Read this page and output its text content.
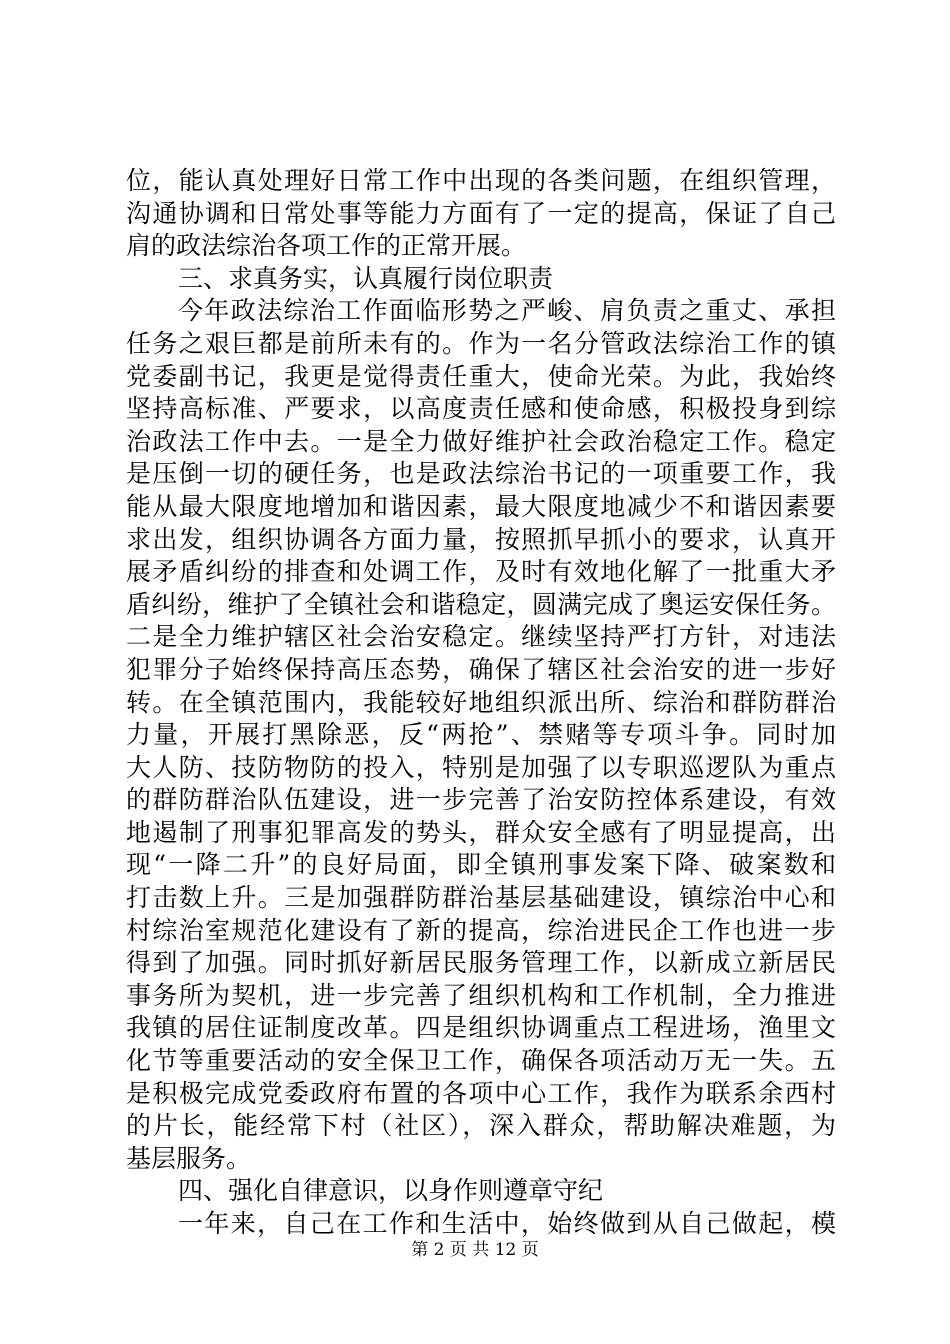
位，能认真处理好日常工作中出现的各类问题，在组织管理，
沟通协调和日常处事等能力方面有了一定的提高，保证了自己
肩的政法综治各项工作的正常开展。
三、求真务实，认真履行岗位职责
今年政法综治工作面临形势之严峻、肩负责之重丈、承担
任务之艰巨都是前所未有的。作为一名分管政法综治工作的镇
党委副书记，我更是觉得责任重大，使命光荣。为此，我始终
坚持高标准、严要求，以高度责任感和使命感，积极投身到综
治政法工作中去。一是全力做好维护社会政治稳定工作。稳定
是压倒一切的硬任务，也是政法综治书记的一项重要工作，我
能从最大限度地增加和谐因素，最大限度地减少不和谐因素要
求出发，组织协调各方面力量，按照抓早抓小的要求，认真开
展矛盾纠纷的排查和处调工作，及时有效地化解了一批重大矛
盾纠纷，维护了全镇社会和谐稳定，圆满完成了奥运安保任务。
二是全力维护辖区社会治安稳定。继续坚持严打方针，对违法
犯罪分子始终保持高压态势，确保了辖区社会治安的进一步好
转。在全镇范围内，我能较好地组织派出所、综治和群防群治
力量，开展打黑除恶，反“两抢”、禁赌等专项斗争。同时加
大人防、技防物防的投入，特别是加强了以专职巡逻队为重点
的群防群治队伍建设，进一步完善了治安防控体系建设，有效
地遏制了刑事犯罪高发的势头，群众安全感有了明显提高，出
现“一降二升”的良好局面，即全镇刑事发案下降、破案数和
打击数上升。三是加强群防群治基层基础建设，镇综治中心和
村综治室规范化建设有了新的提高，综治进民企工作也进一步
得到了加强。同时抓好新居民服务管理工作，以新成立新居民
事务所为契机，进一步完善了组织机构和工作机制，全力推进
我镇的居住证制度改革。四是组织协调重点工程进场，渔里文
化节等重要活动的安全保卫工作，确保各项活动万无一失。五
是积极完成党委政府布置的各项中心工作，我作为联系余西村
的片长，能经常下村（社区），深入群众，帮助解决难题，为
基层服务。
四、强化自律意识，以身作则遵章守纪
一年来，自己在工作和生活中，始终做到从自己做起，模
第 2 页 共 12 页
